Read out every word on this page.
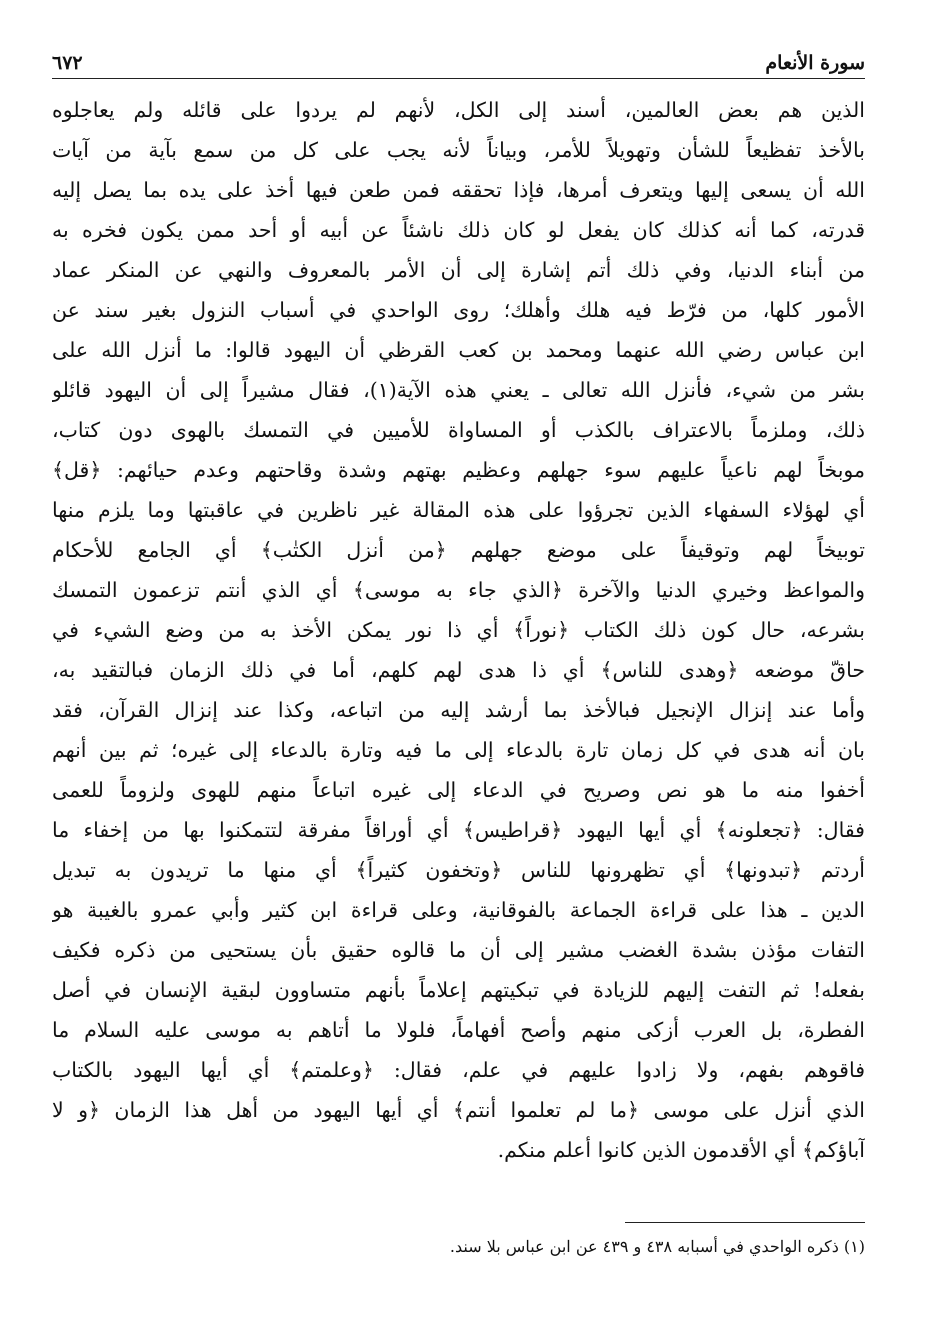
سورة الأنعام
٦٧٢
الذين هم بعض العالمين، أسند إلى الكل، لأنهم لم يردوا على قائله ولم يعاجلوه
بالأخذ تفظيعاً للشأن وتهويلاً للأمر، وبياناً لأنه يجب على كل من سمع بآية من آيات
الله أن يسعى إليها ويتعرف أمرها، فإذا تحققه فمن طعن فيها أخذ على يده بما يصل إليه
قدرته، كما أنه كذلك كان يفعل لو كان ذلك ناشئاً عن أبيه أو أحد ممن يكون فخره به
من أبناء الدنيا، وفي ذلك أتم إشارة إلى أن الأمر بالمعروف والنهي عن المنكر عماد
الأمور كلها، من فرّط فيه هلك وأهلك؛ روى الواحدي في أسباب النزول بغير سند عن
ابن عباس رضي الله عنهما ومحمد بن كعب القرظي أن اليهود قالوا: ما أنزل الله على
بشر من شيء، فأنزل الله تعالى ـ يعني هذه الآية(١)، فقال مشيراً إلى أن اليهود قائلو
ذلك، وملزماً بالاعتراف بالكذب أو المساواة للأميين في التمسك بالهوى دون كتاب،
موبخاً لهم ناعياً عليهم سوء جهلهم وعظيم بهتهم وشدة وقاحتهم وعدم حيائهم: ﴿قل﴾
أي لهؤلاء السفهاء الذين تجرؤوا على هذه المقالة غير ناظرين في عاقبتها وما يلزم منها
توبيخاً لهم وتوقيفاً على موضع جهلهم ﴿من أنزل الكتٰب﴾ أي الجامع للأحكام
والمواعظ وخيري الدنيا والآخرة ﴿الذي جاء به موسى﴾ أي الذي أنتم تزعمون التمسك
بشرعه، حال كون ذلك الكتاب ﴿نوراً﴾ أي ذا نور يمكن الأخذ به من وضع الشيء في
حاقّ موضعه ﴿وهدى للناس﴾ أي ذا هدى لهم كلهم، أما في ذلك الزمان فبالتقيد به،
وأما عند إنزال الإنجيل فبالأخذ بما أرشد إليه من اتباعه، وكذا عند إنزال القرآن، فقد
بان أنه هدى في كل زمان تارة بالدعاء إلى ما فيه وتارة بالدعاء إلى غيره؛ ثم بين أنهم
أخفوا منه ما هو نص وصريح في الدعاء إلى غيره اتباعاً منهم للهوى ولزوماً للعمى
فقال: ﴿تجعلونه﴾ أي أيها اليهود ﴿قراطيس﴾ أي أوراقاً مفرقة لتتمكنوا بها من إخفاء ما
أردتم ﴿تبدونها﴾ أي تظهرونها للناس ﴿وتخفون كثيراً﴾ أي منها ما تريدون به تبديل
الدين ـ هذا على قراءة الجماعة بالفوقانية، وعلى قراءة ابن كثير وأبي عمرو بالغيبة هو
التفات مؤذن بشدة الغضب مشير إلى أن ما قالوه حقيق بأن يستحيى من ذكره فكيف
بفعله! ثم التفت إليهم للزيادة في تبكيتهم إعلاماً بأنهم متساوون لبقية الإنسان في أصل
الفطرة، بل العرب أزكى منهم وأصح أفهاماً، فلولا ما أتاهم به موسى عليه السلام ما
فاقوهم بفهم، ولا زادوا عليهم في علم، فقال: ﴿وعلمتم﴾ أي أيها اليهود بالكتاب
الذي أنزل على موسى ﴿ما لم تعلموا أنتم﴾ أي أيها اليهود من أهل هذا الزمان ﴿و لا
آباؤكم﴾ أي الأقدمون الذين كانوا أعلم منكم.
(١) ذكره الواحدي في أسبابه ٤٣٨ و ٤٣٩ عن ابن عباس بلا سند.
